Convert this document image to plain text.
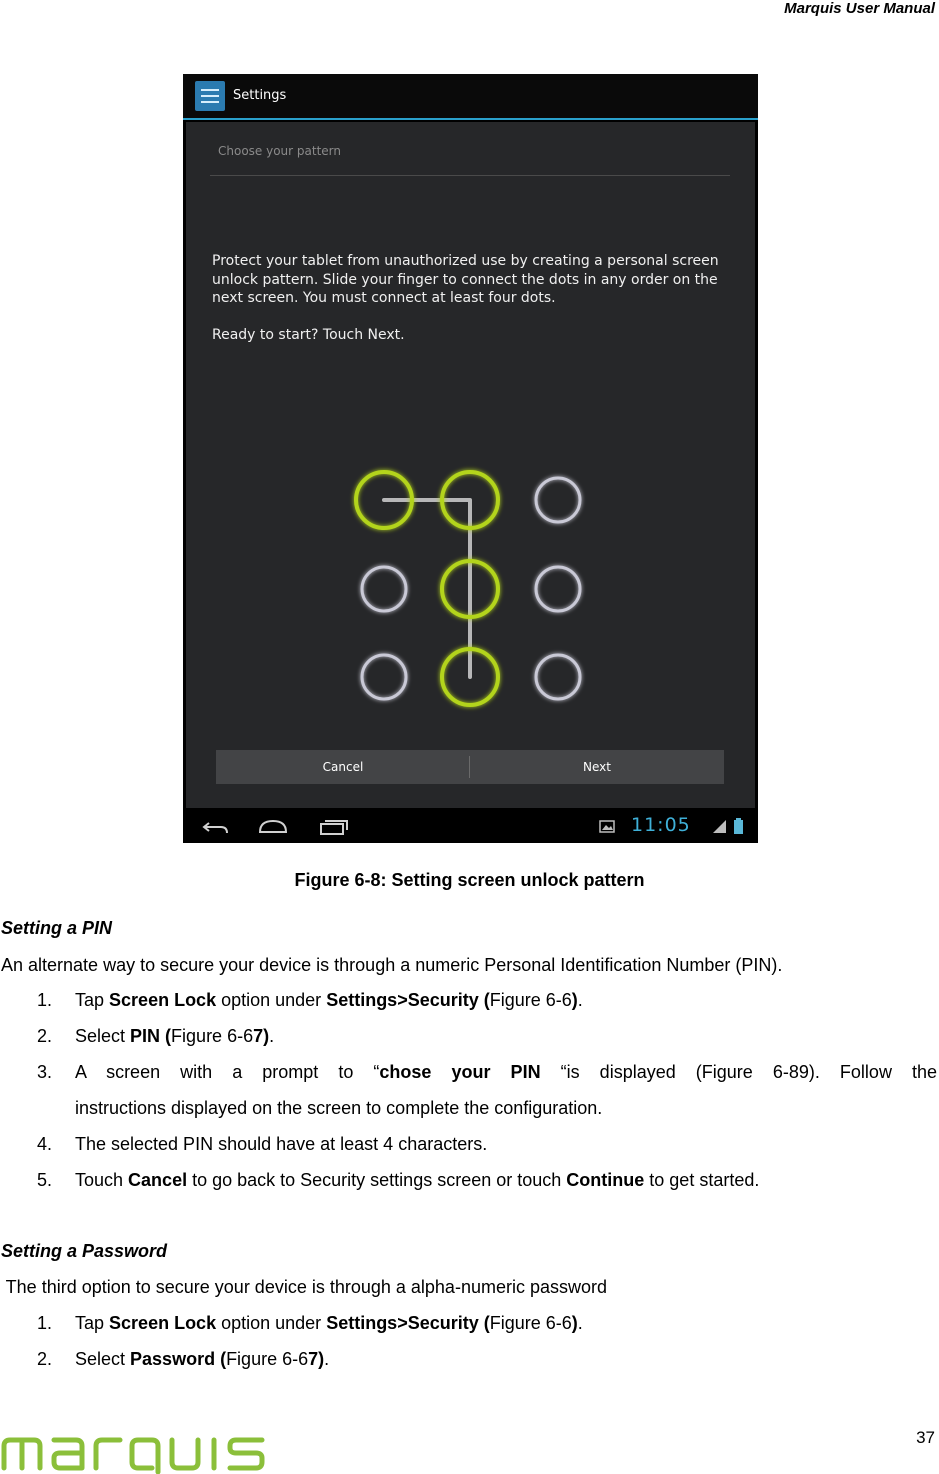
Marquis User Manual
Settings
Choose your pattern
Protect your tablet from unauthorized use by creating a personal screen unlock pattern. Slide your finger to connect the dots in any order on the next screen. You must connect at least four dots.
Ready to start? Touch Next.
Cancel	Next
11:05
Figure 6-8: Setting screen unlock pattern
Setting a PIN
An alternate way to secure your device is through a numeric Personal Identification Number (PIN).
1. Tap Screen Lock option under Settings>Security (Figure 6-6).
2. Select PIN (Figure 6-67).
3. A screen with a prompt to “chose your PIN “is displayed (Figure 6-89). Follow the
instructions displayed on the screen to complete the configuration.
4. The selected PIN should have at least 4 characters.
5. Touch Cancel to go back to Security settings screen or touch Continue to get started.
Setting a Password
The third option to secure your device is through a alpha-numeric password
1. Tap Screen Lock option under Settings>Security (Figure 6-6).
2. Select Password (Figure 6-67).
37
